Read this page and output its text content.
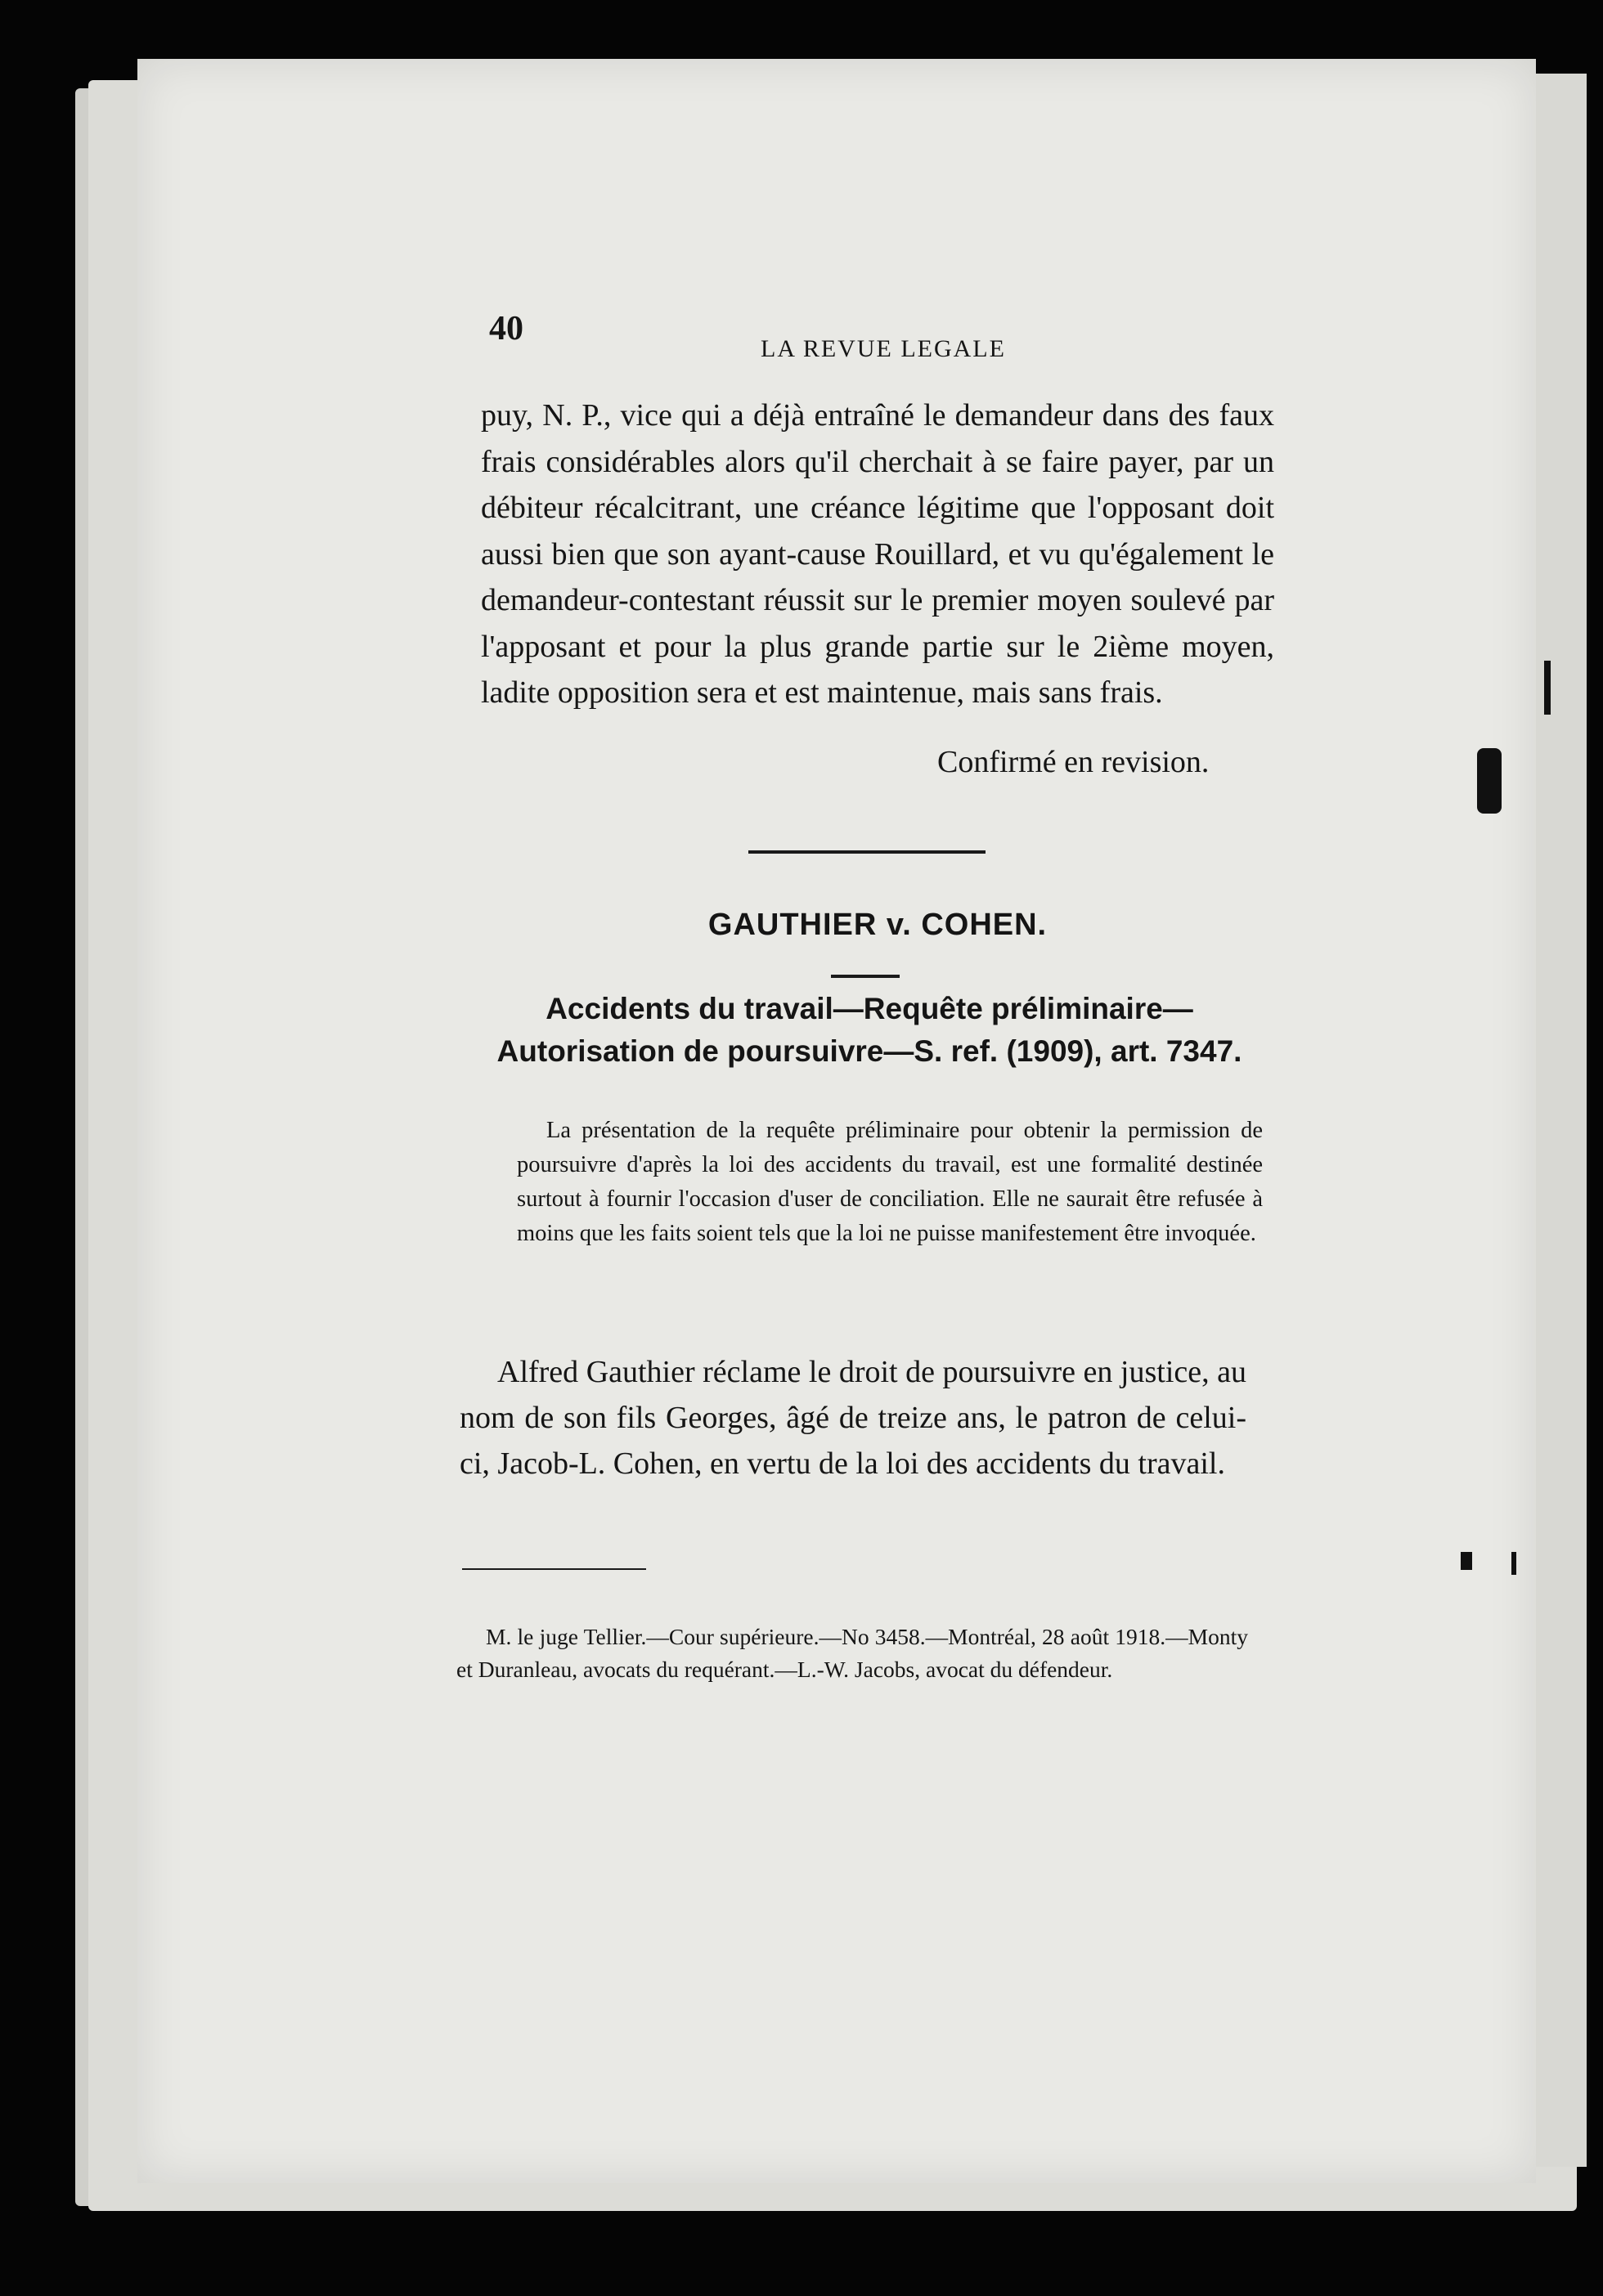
40

LA REVUE LEGALE

puy, N. P., vice qui a déjà entraîné le demandeur dans des faux frais considérables alors qu'il cherchait à se faire payer, par un débiteur récalcitrant, une créance légitime que l'opposant doit aussi bien que son ayant-cause Rouillard, et vu qu'également le demandeur-contestant réussit sur le premier moyen soulevé par l'apposant et pour la plus grande partie sur le 2ième moyen, ladite opposition sera et est maintenue, mais sans frais.

Confirmé en revision.

GAUTHIER v. COHEN.

Accidents du travail—Requête préliminaire—Autorisation de poursuivre—S. ref. (1909), art. 7347.

La présentation de la requête préliminaire pour obtenir la permission de poursuivre d'après la loi des accidents du travail, est une formalité destinée surtout à fournir l'occasion d'user de conciliation. Elle ne saurait être refusée à moins que les faits soient tels que la loi ne puisse manifestement être invoquée.

Alfred Gauthier réclame le droit de poursuivre en justice, au nom de son fils Georges, âgé de treize ans, le patron de celui-ci, Jacob-L. Cohen, en vertu de la loi des accidents du travail.

M. le juge Tellier.—Cour supérieure.—No 3458.—Montréal, 28 août 1918.—Monty et Duranleau, avocats du requérant.—L.-W. Jacobs, avocat du défendeur.
